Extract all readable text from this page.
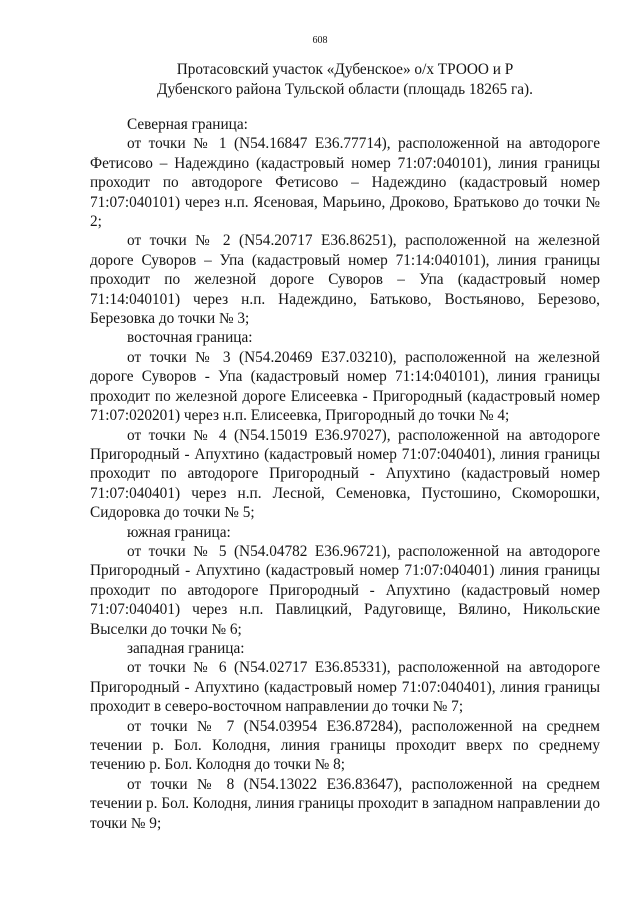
608
Протасовский участок «Дубенское» о/х ТРООО и Р
Дубенского района Тульской области (площадь 18265 га).

Северная граница:

от точки № 1 (N54.16847 E36.77714), расположенной на автодороге Фетисово – Надеждино (кадастровый номер 71:07:040101), линия границы проходит по автодороге Фетисово – Надеждино (кадастровый номер 71:07:040101) через н.п. Ясеновая, Марьино, Дроково, Братьково до точки № 2;

от точки № 2 (N54.20717 E36.86251), расположенной на железной дороге Суворов – Упа (кадастровый номер 71:14:040101), линия границы проходит по железной дороге Суворов – Упа (кадастровый номер 71:14:040101) через н.п. Надеждино, Батьково, Востьяново, Березово, Березовка до точки № 3;

восточная граница:

от точки № 3 (N54.20469 E37.03210), расположенной на железной дороге Суворов - Упа (кадастровый номер 71:14:040101), линия границы проходит по железной дороге Елисеевка - Пригородный (кадастровый номер 71:07:020201) через н.п. Елисеевка, Пригородный до точки № 4;

от точки № 4 (N54.15019 E36.97027), расположенной на автодороге Пригородный - Апухтино (кадастровый номер 71:07:040401), линия границы проходит по автодороге Пригородный - Апухтино (кадастровый номер 71:07:040401) через н.п. Лесной, Семеновка, Пустошино, Скоморошки, Сидоровка до точки № 5;

южная граница:

от точки № 5 (N54.04782 E36.96721), расположенной на автодороге Пригородный - Апухтино (кадастровый номер 71:07:040401) линия границы проходит по автодороге Пригородный - Апухтино (кадастровый номер 71:07:040401) через н.п. Павлицкий, Радуговище, Вялино, Никольские Выселки до точки № 6;

западная граница:

от точки № 6 (N54.02717 E36.85331), расположенной на автодороге Пригородный - Апухтино (кадастровый номер 71:07:040401), линия границы проходит в северо-восточном направлении до точки № 7;

от точки № 7 (N54.03954 E36.87284), расположенной на среднем течении р. Бол. Колодня, линия границы проходит вверх по среднему течению р. Бол. Колодня до точки № 8;

от точки № 8 (N54.13022 E36.83647), расположенной на среднем течении р. Бол. Колодня, линия границы проходит в западном направлении до точки № 9;
